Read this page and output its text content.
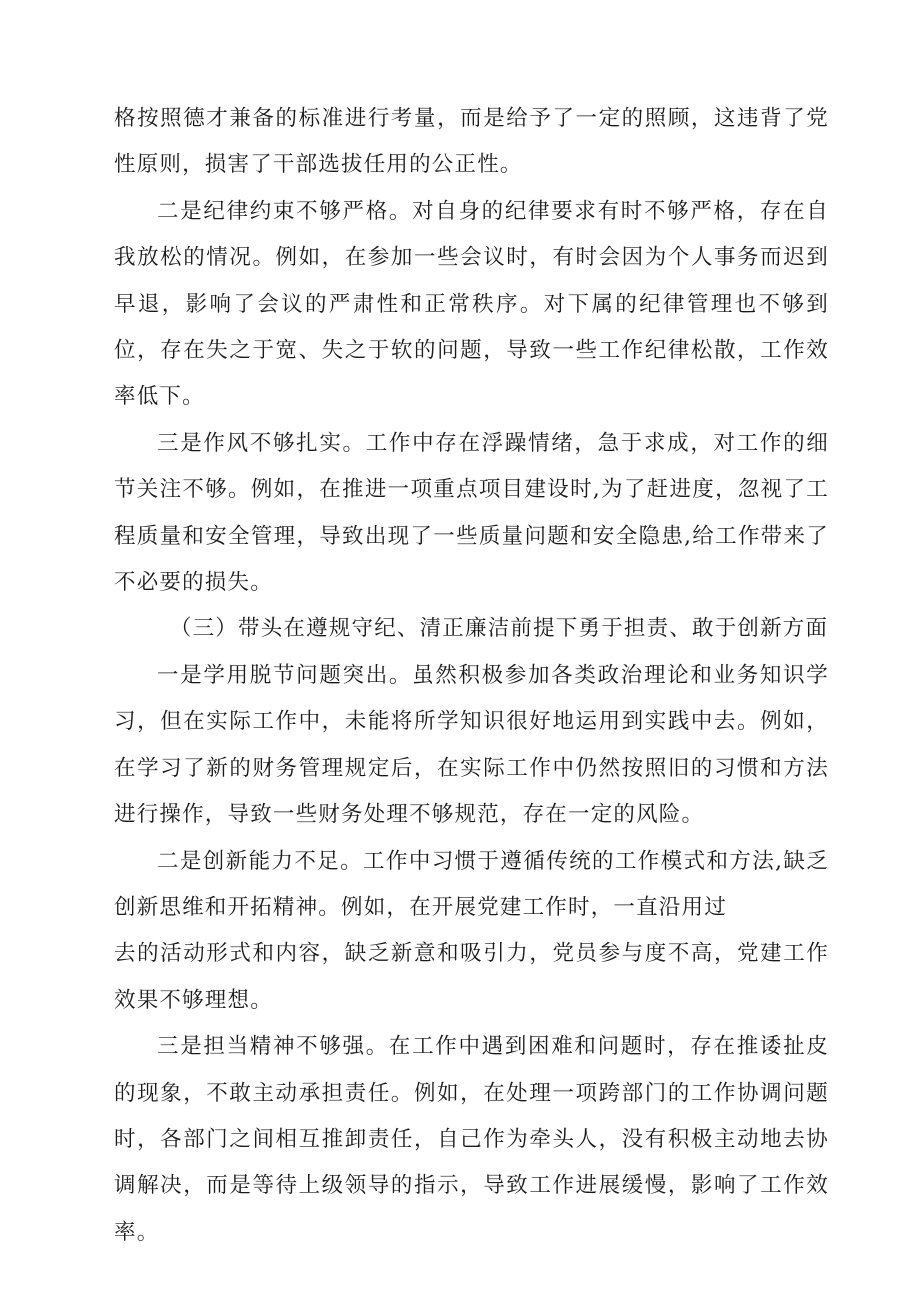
格按照德才兼备的标准进行考量，而是给予了一定的照顾，这违背了党性原则，损害了干部选拔任用的公正性。

二是纪律约束不够严格。对自身的纪律要求有时不够严格，存在自我放松的情况。例如，在参加一些会议时，有时会因为个人事务而迟到早退，影响了会议的严肃性和正常秩序。对下属的纪律管理也不够到位，存在失之于宽、失之于软的问题，导致一些工作纪律松散，工作效率低下。

三是作风不够扎实。工作中存在浮躁情绪，急于求成，对工作的细节关注不够。例如，在推进一项重点项目建设时,为了赶进度，忽视了工程质量和安全管理，导致出现了一些质量问题和安全隐患,给工作带来了不必要的损失。

（三）带头在遵规守纪、清正廉洁前提下勇于担责、敢于创新方面

一是学用脱节问题突出。虽然积极参加各类政治理论和业务知识学习，但在实际工作中，未能将所学知识很好地运用到实践中去。例如，在学习了新的财务管理规定后，在实际工作中仍然按照旧的习惯和方法进行操作，导致一些财务处理不够规范，存在一定的风险。

二是创新能力不足。工作中习惯于遵循传统的工作模式和方法,缺乏创新思维和开拓精神。例如，在开展党建工作时，一直沿用过

去的活动形式和内容，缺乏新意和吸引力，党员参与度不高，党建工作效果不够理想。

三是担当精神不够强。在工作中遇到困难和问题时，存在推诿扯皮的现象，不敢主动承担责任。例如，在处理一项跨部门的工作协调问题时，各部门之间相互推卸责任，自己作为牵头人，没有积极主动地去协调解决，而是等待上级领导的指示，导致工作进展缓慢，影响了工作效率。
